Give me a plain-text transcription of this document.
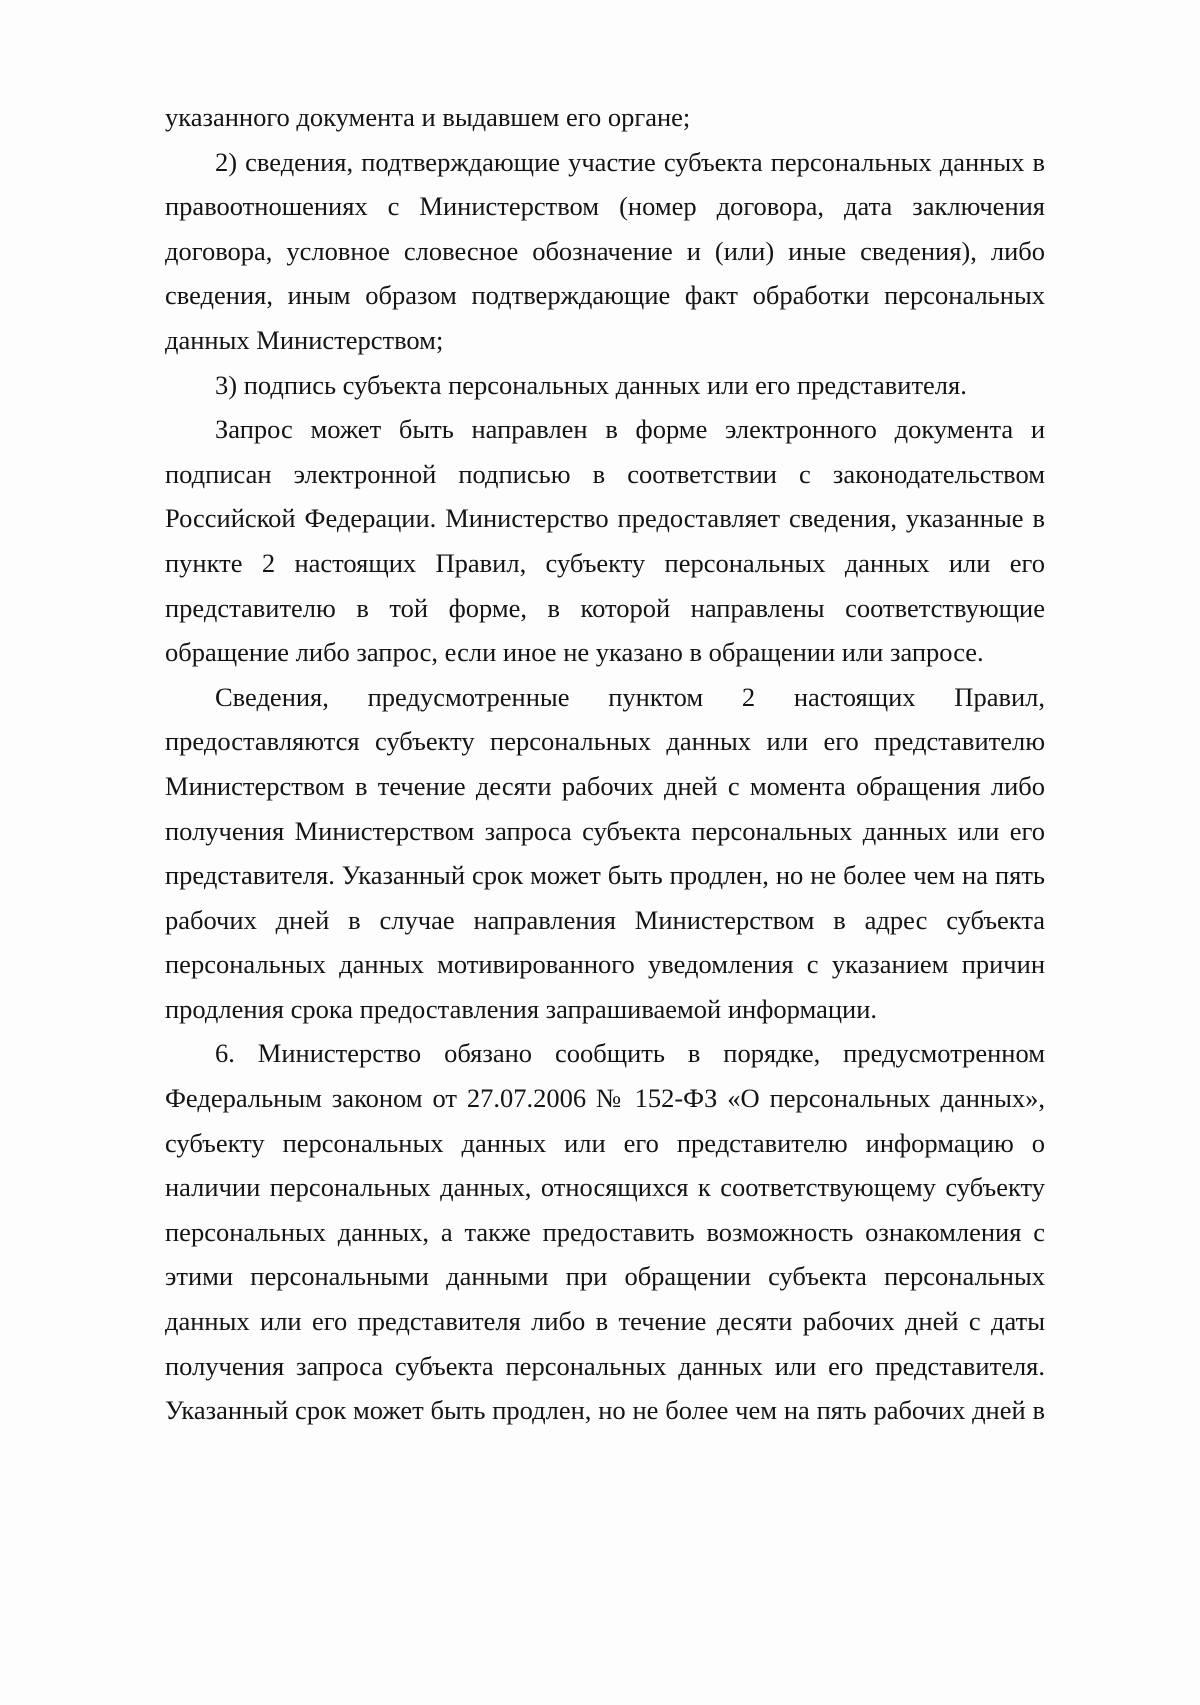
указанного документа и выдавшем его органе;

2) сведения, подтверждающие участие субъекта персональных данных в правоотношениях с Министерством (номер договора, дата заключения договора, условное словесное обозначение и (или) иные сведения), либо сведения, иным образом подтверждающие факт обработки персональных данных Министерством;

3) подпись субъекта персональных данных или его представителя.

Запрос может быть направлен в форме электронного документа и подписан электронной подписью в соответствии с законодательством Российской Федерации. Министерство предоставляет сведения, указанные в пункте 2 настоящих Правил, субъекту персональных данных или его представителю в той форме, в которой направлены соответствующие обращение либо запрос, если иное не указано в обращении или запросе.

Сведения, предусмотренные пунктом 2 настоящих Правил, предоставляются субъекту персональных данных или его представителю Министерством в течение десяти рабочих дней с момента обращения либо получения Министерством запроса субъекта персональных данных или его представителя. Указанный срок может быть продлен, но не более чем на пять рабочих дней в случае направления Министерством в адрес субъекта персональных данных мотивированного уведомления с указанием причин продления срока предоставления запрашиваемой информации.

6. Министерство обязано сообщить в порядке, предусмотренном Федеральным законом от 27.07.2006 № 152-ФЗ «О персональных данных», субъекту персональных данных или его представителю информацию о наличии персональных данных, относящихся к соответствующему субъекту персональных данных, а также предоставить возможность ознакомления с этими персональными данными при обращении субъекта персональных данных или его представителя либо в течение десяти рабочих дней с даты получения запроса субъекта персональных данных или его представителя. Указанный срок может быть продлен, но не более чем на пять рабочих дней в
